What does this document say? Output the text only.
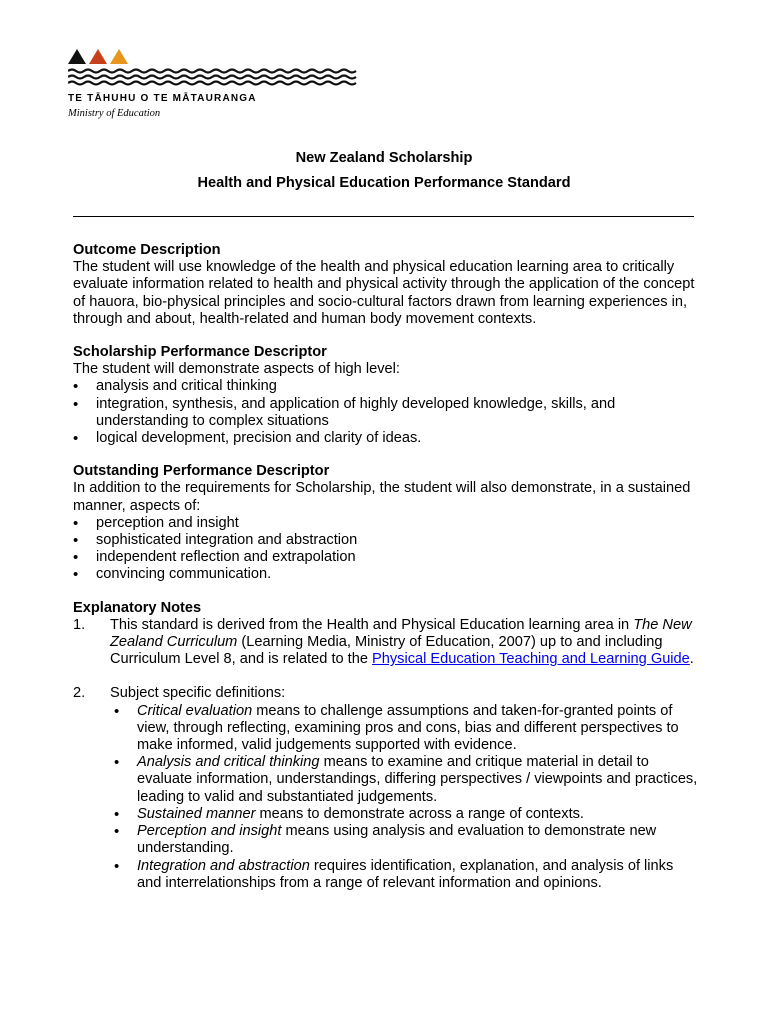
TE TĀHUHU O TE MĀTAURANGA
Ministry of Education
New Zealand Scholarship
Health and Physical Education Performance Standard
Outcome Description

The student will use knowledge of the health and physical education learning area to critically evaluate information related to health and physical activity through the application of the concept of hauora, bio-physical principles and socio-cultural factors drawn from learning experiences in, through and about, health-related and human body movement contexts.

Scholarship Performance Descriptor

The student will demonstrate aspects of high level:

• analysis and critical thinking
• integration, synthesis, and application of highly developed knowledge, skills, and understanding to complex situations
• logical development, precision and clarity of ideas.
Outstanding Performance Descriptor

In addition to the requirements for Scholarship, the student will also demonstrate, in a sustained manner, aspects of:

• perception and insight
• sophisticated integration and abstraction
• independent reflection and extrapolation
• convincing communication.
Explanatory Notes
1. This standard is derived from the Health and Physical Education learning area in The New Zealand Curriculum (Learning Media, Ministry of Education, 2007) up to and including Curriculum Level 8, and is related to the Physical Education Teaching and Learning Guide.
2. Subject specific definitions:
• Critical evaluation means to challenge assumptions and taken-for-granted points of view, through reflecting, examining pros and cons, bias and different perspectives to make informed, valid judgements supported with evidence.
• Analysis and critical thinking means to examine and critique material in detail to evaluate information, understandings, differing perspectives / viewpoints and practices, leading to valid and substantiated judgements.
• Sustained manner means to demonstrate across a range of contexts.
• Perception and insight means using analysis and evaluation to demonstrate new understanding.
• Integration and abstraction requires identification, explanation, and analysis of links and interrelationships from a range of relevant information and opinions.
